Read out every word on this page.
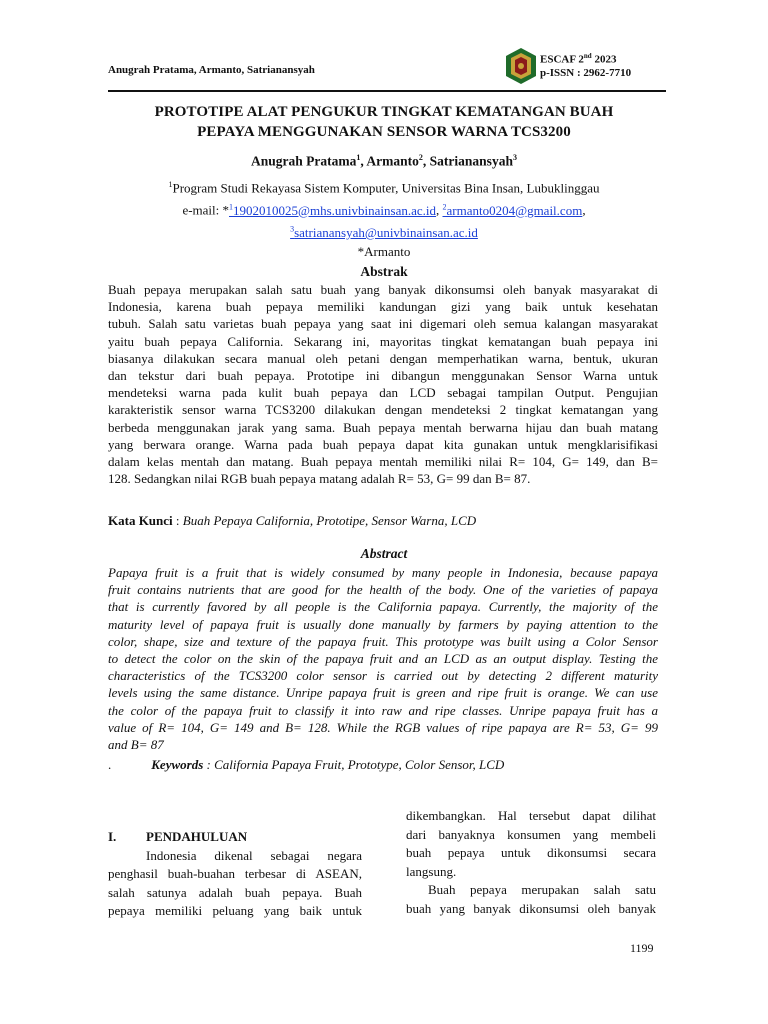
Anugrah Pratama, Armanto, Satrianansyah
ESCAF 2nd 2023
p-ISSN : 2962-7710
PROTOTIPE ALAT PENGUKUR TINGKAT KEMATANGAN BUAH
PEPAYA MENGGUNAKAN SENSOR WARNA TCS3200
Anugrah Pratama$^1$, Armanto$^2$, Satrianansyah$^3$
$^1$Program Studi Rekayasa Sistem Komputer, Universitas Bina Insan, Lubuklinggau
e-mail: *$^1$1902010025@mhs.univbinainsan.ac.id, $^2$armanto0204@gmail.com,
$^3$satrianansyah@univbinainsan.ac.id
*Armanto
Abstrak
Buah pepaya merupakan salah satu buah yang banyak dikonsumsi oleh banyak masyarakat di
Indonesia, karena buah pepaya memiliki kandungan gizi yang baik untuk kesehatan
tubuh. Salah satu varietas buah pepaya yang saat ini digemari oleh semua kalangan masyarakat
yaitu buah pepaya California. Sekarang ini, mayoritas tingkat kematangan buah pepaya ini
biasanya dilakukan secara manual oleh petani dengan memperhatikan warna, bentuk, ukuran
dan tekstur dari buah pepaya. Prototipe ini dibangun menggunakan Sensor Warna untuk
mendeteksi warna pada kulit buah pepaya dan LCD sebagai tampilan Output. Pengujian
karakteristik sensor warna TCS3200 dilakukan dengan mendeteksi 2 tingkat kematangan yang
berbeda menggunakan jarak yang sama. Buah pepaya mentah berwarna hijau dan buah matang
yang berwara orange. Warna pada buah pepaya dapat kita gunakan untuk mengklarisifikasi
dalam kelas mentah dan matang. Buah pepaya mentah memiliki nilai R= 104, G= 149, dan B=
128. Sedangkan nilai RGB buah pepaya matang adalah R= 53, G= 99 dan B= 87.
Kata Kunci : Buah Pepaya California, Prototipe, Sensor Warna, LCD
Abstract
Papaya fruit is a fruit that is widely consumed by many people in Indonesia, because papaya
fruit contains nutrients that are good for the health of the body. One of the varieties of papaya
that is currently favored by all people is the California papaya. Currently, the majority of the
maturity level of papaya fruit is usually done manually by farmers by paying attention to the
color, shape, size and texture of the papaya fruit. This prototype was built using a Color Sensor
to detect the color on the skin of the papaya fruit and an LCD as an output display. Testing the
characteristics of the TCS3200 color sensor is carried out by detecting 2 different maturity
levels using the same distance. Unripe papaya fruit is green and ripe fruit is orange. We can use
the color of the papaya fruit to classify it into raw and ripe classes. Unripe papaya fruit has a
value of R= 104, G= 149 and B= 128. While the RGB values of ripe papaya are R= 53, G= 99
and B= 87
.	Keywords : California Papaya Fruit, Prototype, Color Sensor, LCD
I.	PENDAHULUAN
Indonesia dikenal sebagai negara
penghasil buah-buahan terbesar di ASEAN,
salah satunya adalah buah pepaya. Buah
pepaya memiliki peluang yang baik untuk
dikembangkan. Hal tersebut dapat dilihat
dari banyaknya konsumen yang membeli
buah pepaya untuk dikonsumsi secara
langsung.
Buah pepaya merupakan salah satu
buah yang banyak dikonsumsi oleh banyak
1199
